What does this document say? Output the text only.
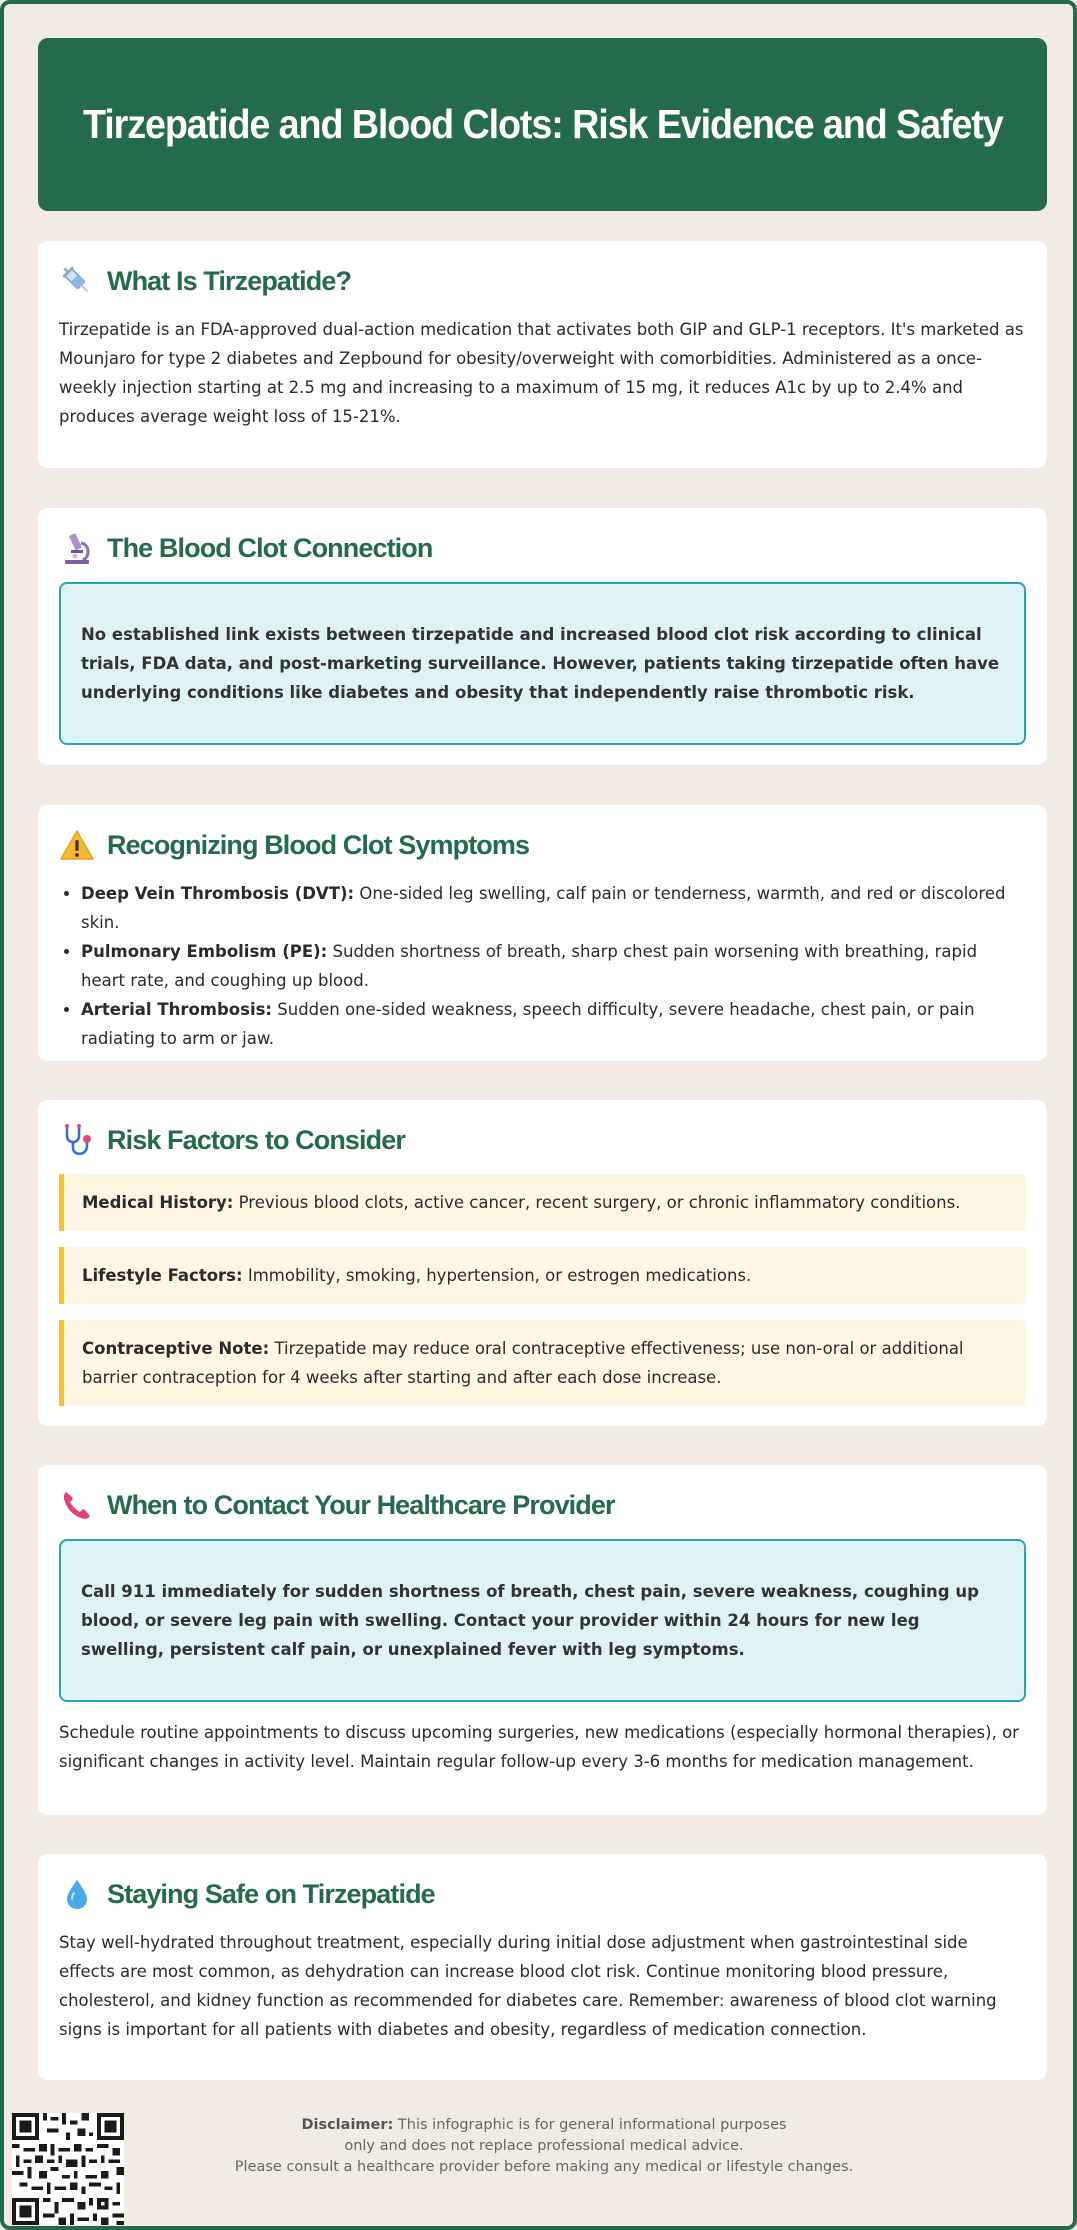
Tirzepatide and Blood Clots: Risk Evidence and Safety
What Is Tirzepatide?

Tirzepatide is an FDA-approved dual-action medication that activates both GIP and GLP-1 receptors. It's marketed as Mounjaro for type 2 diabetes and Zepbound for obesity/overweight with comorbidities. Administered as a once-weekly injection starting at 2.5 mg and increasing to a maximum of 15 mg, it reduces A1c by up to 2.4% and produces average weight loss of 15-21%.

The Blood Clot Connection
No established link exists between tirzepatide and increased blood clot risk according to clinical trials, FDA data, and post-marketing surveillance. However, patients taking tirzepatide often have underlying conditions like diabetes and obesity that independently raise thrombotic risk.
Recognizing Blood Clot Symptoms
• Deep Vein Thrombosis (DVT): One-sided leg swelling, calf pain or tenderness, warmth, and red or discolored skin.
• Pulmonary Embolism (PE): Sudden shortness of breath, sharp chest pain worsening with breathing, rapid heart rate, and coughing up blood.
• Arterial Thrombosis: Sudden one-sided weakness, speech difficulty, severe headache, chest pain, or pain radiating to arm or jaw.
Risk Factors to Consider
Medical History: Previous blood clots, active cancer, recent surgery, or chronic inflammatory conditions.
Lifestyle Factors: Immobility, smoking, hypertension, or estrogen medications.
Contraceptive Note: Tirzepatide may reduce oral contraceptive effectiveness; use non-oral or additional barrier contraception for 4 weeks after starting and after each dose increase.
When to Contact Your Healthcare Provider
Call 911 immediately for sudden shortness of breath, chest pain, severe weakness, coughing up blood, or severe leg pain with swelling. Contact your provider within 24 hours for new leg swelling, persistent calf pain, or unexplained fever with leg symptoms.

Schedule routine appointments to discuss upcoming surgeries, new medications (especially hormonal therapies), or significant changes in activity level. Maintain regular follow-up every 3-6 months for medication management.

Staying Safe on Tirzepatide

Stay well-hydrated throughout treatment, especially during initial dose adjustment when gastrointestinal side effects are most common, as dehydration can increase blood clot risk. Continue monitoring blood pressure, cholesterol, and kidney function as recommended for diabetes care. Remember: awareness of blood clot warning signs is important for all patients with diabetes and obesity, regardless of medication connection.

Disclaimer: This infographic is for general informational purposes
only and does not replace professional medical advice.
Please consult a healthcare provider before making any medical or lifestyle changes.
